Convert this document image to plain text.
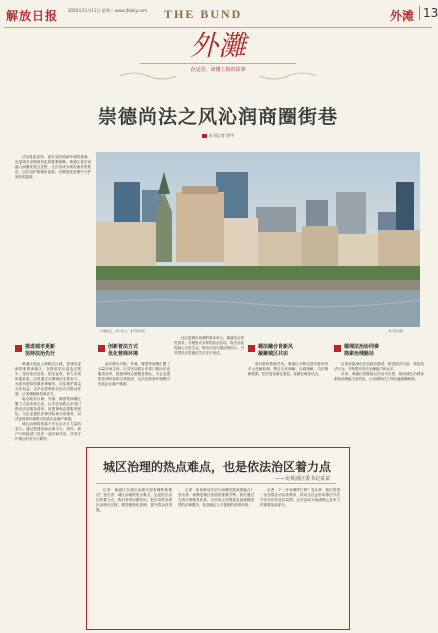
解放日报 2020年11月11日 星期三 www.jfdaily.com THE BUND	外滩 13
外灘
在这里，读懂上海的故事
崇德尚法之风沁润商圈街巷
本刊记者 徐甲

法治是更高效、更安全的营商环境的基础，也是城市治理现代化的重要保障。黄浦区将法治融入商圈发展全过程，让法治成为城市最亮的底色，以法治护航城市更新，在精细化管理中守护城市的温度。

外滩街区，华灯初上。本刊资料图	本刊资料图
推进城市更新
坚持法治先行
创新普法方式
优化营商环境
德法融合育新风
凝聚城区共识
德理法治协同奏
探索治理路径

黄浦区地处上海核心区域，是城市更新的重要承载区。在推进旧区改造过程中，坚持依法征收、阳光征收，努力实现和谐征收。区里通过法律顾问全程参与，为居民提供权威法律解答，切实维护群众合法权益。以法治思维和法治方式推动发展，让老城厢焕发新活力。

南京路步行街、外滩、豫园等商圈汇聚了大量市场主体。区司法局联合多部门推出法治服务清单，组建律师志愿服务团队，为企业提供法律体检和合规指导，以法治营商环境吸引优质企业落户黄浦。

城区治理同样离不开社会各方力量的参与。通过搭建协商议事平台，居民、商户与职能部门坐在一起共商共治，共同守护城区的安全与繁华。

南京路步行街、外滩、豫园等商圈汇聚了大量市场主体。区司法局联合多部门推出法治服务清单，组建律师志愿服务团队，为企业提供法律体检和合规指导，以法治营商环境吸引优质企业落户黄浦。

社区是城市治理的基本单元。街道结合居民需求，开展形式多样的普法活动，将法治宣传融入日常生活，推动法治与德治相结合，引导居民自觉遵法学法守法用法。

面对新形势新任务，黄浦区不断完善矛盾纠纷多元化解机制，整合人民调解、行政调解、司法调解资源，把矛盾化解在基层、化解在萌芽状态。

区里持续深化法治政府建设，推进依法行政，规范执法行为，不断提升依法治理能力和水平。

未来，黄浦区将继续以法治为引领，推动城区治理体系和治理能力现代化，让崇德尚法之风吹遍商圈街巷。

城区治理的热点难点，也是依法治区着力点
——访黄浦区委书记某某

记者：黄浦区在城区治理方面有哪些新做法？受访者：城区治理的热点难点，也是依法治区的着力点。我们坚持问题导向，把法治贯穿城区治理全过程，推进精细化管理，提升群众获得感。

记者：如何推动法治与商圈发展深度融合？受访者：商圈是城区发展的重要引擎。我们通过完善法律服务体系，为市场主体提供更加便捷高效的法律服务，营造稳定公平透明的营商环境。

记者：下一步有哪些打算？受访者：我们将进一步加强法治宣传教育，推动全社会形成尊法学法守法用法的良好氛围，让法治成为黄浦核心竞争力的重要组成部分。
